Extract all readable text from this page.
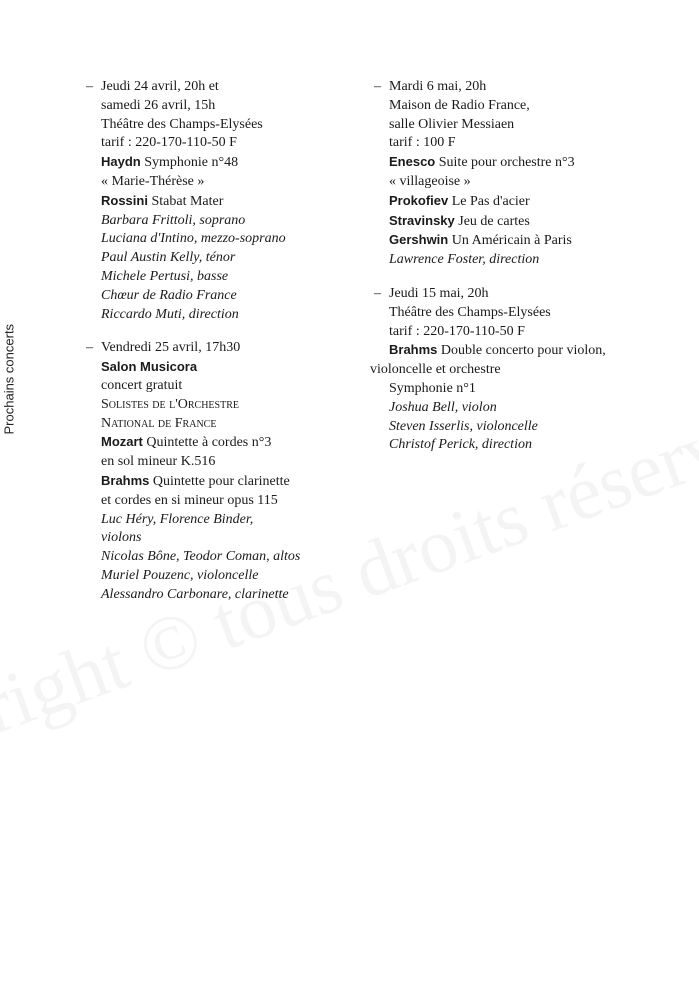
Prochains concerts
– Jeudi 24 avril, 20h et
samedi 26 avril, 15h
Théâtre des Champs-Elysées
tarif : 220-170-110-50 F
Haydn Symphonie n°48
« Marie-Thérèse »
Rossini Stabat Mater
Barbara Frittoli, soprano
Luciana d'Intino, mezzo-soprano
Paul Austin Kelly, ténor
Michele Pertusi, basse
Chœur de Radio France
Riccardo Muti, direction
– Vendredi 25 avril, 17h30
Salon Musicora
concert gratuit
Solistes de l'Orchestre
National de France
Mozart Quintette à cordes n°3
en sol mineur K.516
Brahms Quintette pour clarinette
et cordes en si mineur opus 115
Luc Héry, Florence Binder,
violons
Nicolas Bône, Teodor Coman, altos
Muriel Pouzenc, violoncelle
Alessandro Carbonare, clarinette
– Mardi 6 mai, 20h
Maison de Radio France,
salle Olivier Messiaen
tarif : 100 F
Enesco Suite pour orchestre n°3
« villageoise »
Prokofiev Le Pas d'acier
Stravinsky Jeu de cartes
Gershwin Un Américain à Paris
Lawrence Foster, direction
– Jeudi 15 mai, 20h
Théâtre des Champs-Elysées
tarif : 220-170-110-50 F
Brahms Double concerto pour violon,
violoncelle et orchestre
Symphonie n°1
Joshua Bell, violon
Steven Isserlis, violoncelle
Christof Perick, direction
